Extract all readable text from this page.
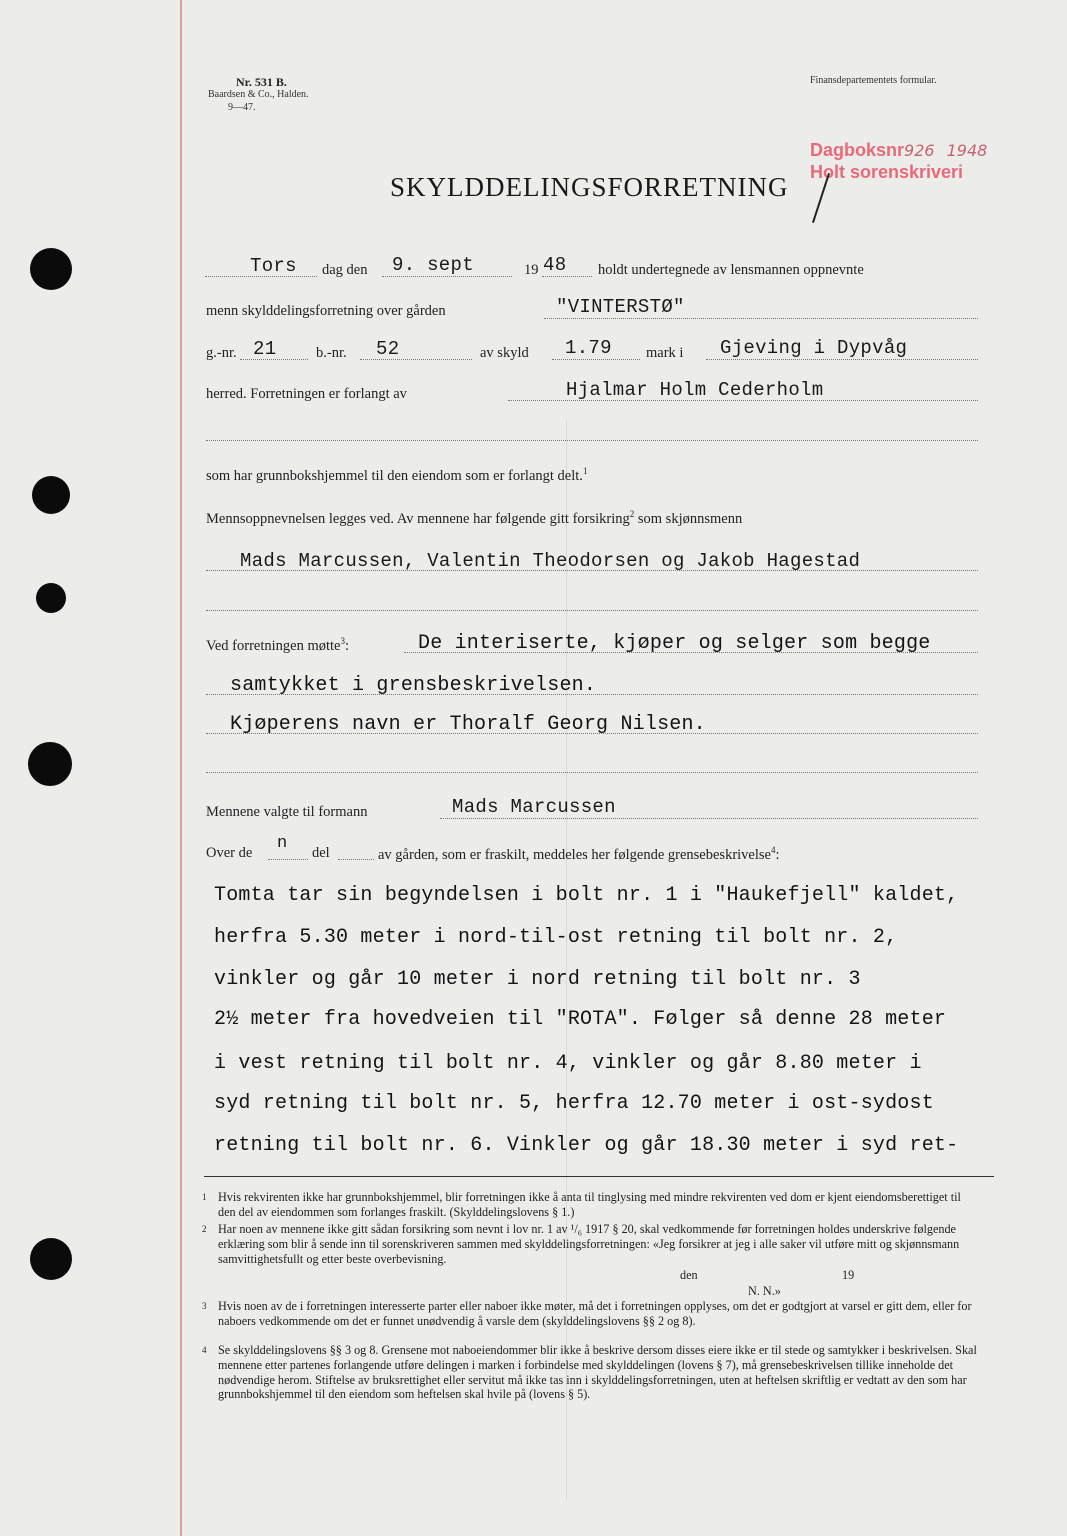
Nr. 531 B.
Baardsen & Co., Halden.
9—47.
Finansdepartementets formular.
Dagboksnr926 1948
Holt sorenskriveri
SKYLDDELINGSFORRETNING
Tors dag den 9. sept	19 48 holdt undertegnede av lensmannen oppnevnte
menn skylddelingsforretning over gården	"VINTERSTØ"
g.-nr. 21	b.-nr. 52	av skyld 1.79 mark i Gjeving i Dypvåg
herred. Forretningen er forlangt av	Hjalmar Holm Cederholm
som har grunnbokshjemmel til den eiendom som er forlangt delt.$^1$
Mennsoppnevnelsen legges ved. Av mennene har følgende gitt forsikring$^2$ som skjønnsmenn
Mads Marcussen, Valentin Theodorsen og Jakob Hagestad
Ved forretningen møtte$^3$:	De interiserte, kjøper og selger som begge
samtykket i grensbeskrivelsen.
Kjøperens navn er Thoralf Georg Nilsen.
Mennene valgte til formann	Mads Marcussen
Over de n del	av gården, som er fraskilt, meddeles her følgende grensebeskrivelse$^4$:
Tomta tar sin begyndelsen i bolt nr. 1 i "Haukefjell" kaldet,
herfra 5.30 meter i nord-til-ost retning til bolt nr. 2,
vinkler og går 10 meter i nord retning til bolt nr. 3
2½ meter fra hovedveien til "ROTA". Følger så denne 28 meter
i vest retning til bolt nr. 4, vinkler og går 8.80 meter i
syd retning til bolt nr. 5, herfra 12.70 meter i ost-sydost
retning til bolt nr. 6. Vinkler og går 18.30 meter i syd ret-
1 Hvis rekvirenten ikke har grunnbokshjemmel, blir forretningen ikke å anta til tinglysing med mindre rekvirenten ved dom er kjent eiendomsberettiget til den del av eiendommen som forlanges fraskilt. (Skylddelingslovens § 1.)

2 Har noen av mennene ikke gitt sådan forsikring som nevnt i lov nr. 1 av ¹/₆ 1917 § 20, skal vedkommende før forretningen holdes underskrive følgende erklæring som blir å sende inn til sorenskriveren sammen med skylddelingsforretningen: «Jeg forsikrer at jeg i alle saker vil utføre mitt og skjønnsmann samvittighetsfullt og etter beste overbevisning.

den	19
N. N.»
3 Hvis noen av de i forretningen interesserte parter eller naboer ikke møter, må det i forretningen opplyses, om det er godtgjort at varsel er gitt dem, eller for naboers vedkommende om det er funnet unødvendig å varsle dem (skylddelingslovens §§ 2 og 8).

4 Se skylddelingslovens §§ 3 og 8. Grensene mot naboeiendommer blir ikke å beskrive dersom disses eiere ikke er til stede og samtykker i beskrivelsen. Skal mennene etter partenes forlangende utføre delingen i marken i forbindelse med skylddelingen (lovens § 7), må grensebeskrivelsen tillike inneholde det nødvendige herom. Stiftelse av bruksrettighet eller servitut må ikke tas inn i skylddelingsforretningen, uten at heftelsen skriftlig er vedtatt av den som har grunnbokshjemmel til den eiendom som heftelsen skal hvile på (lovens § 5).
